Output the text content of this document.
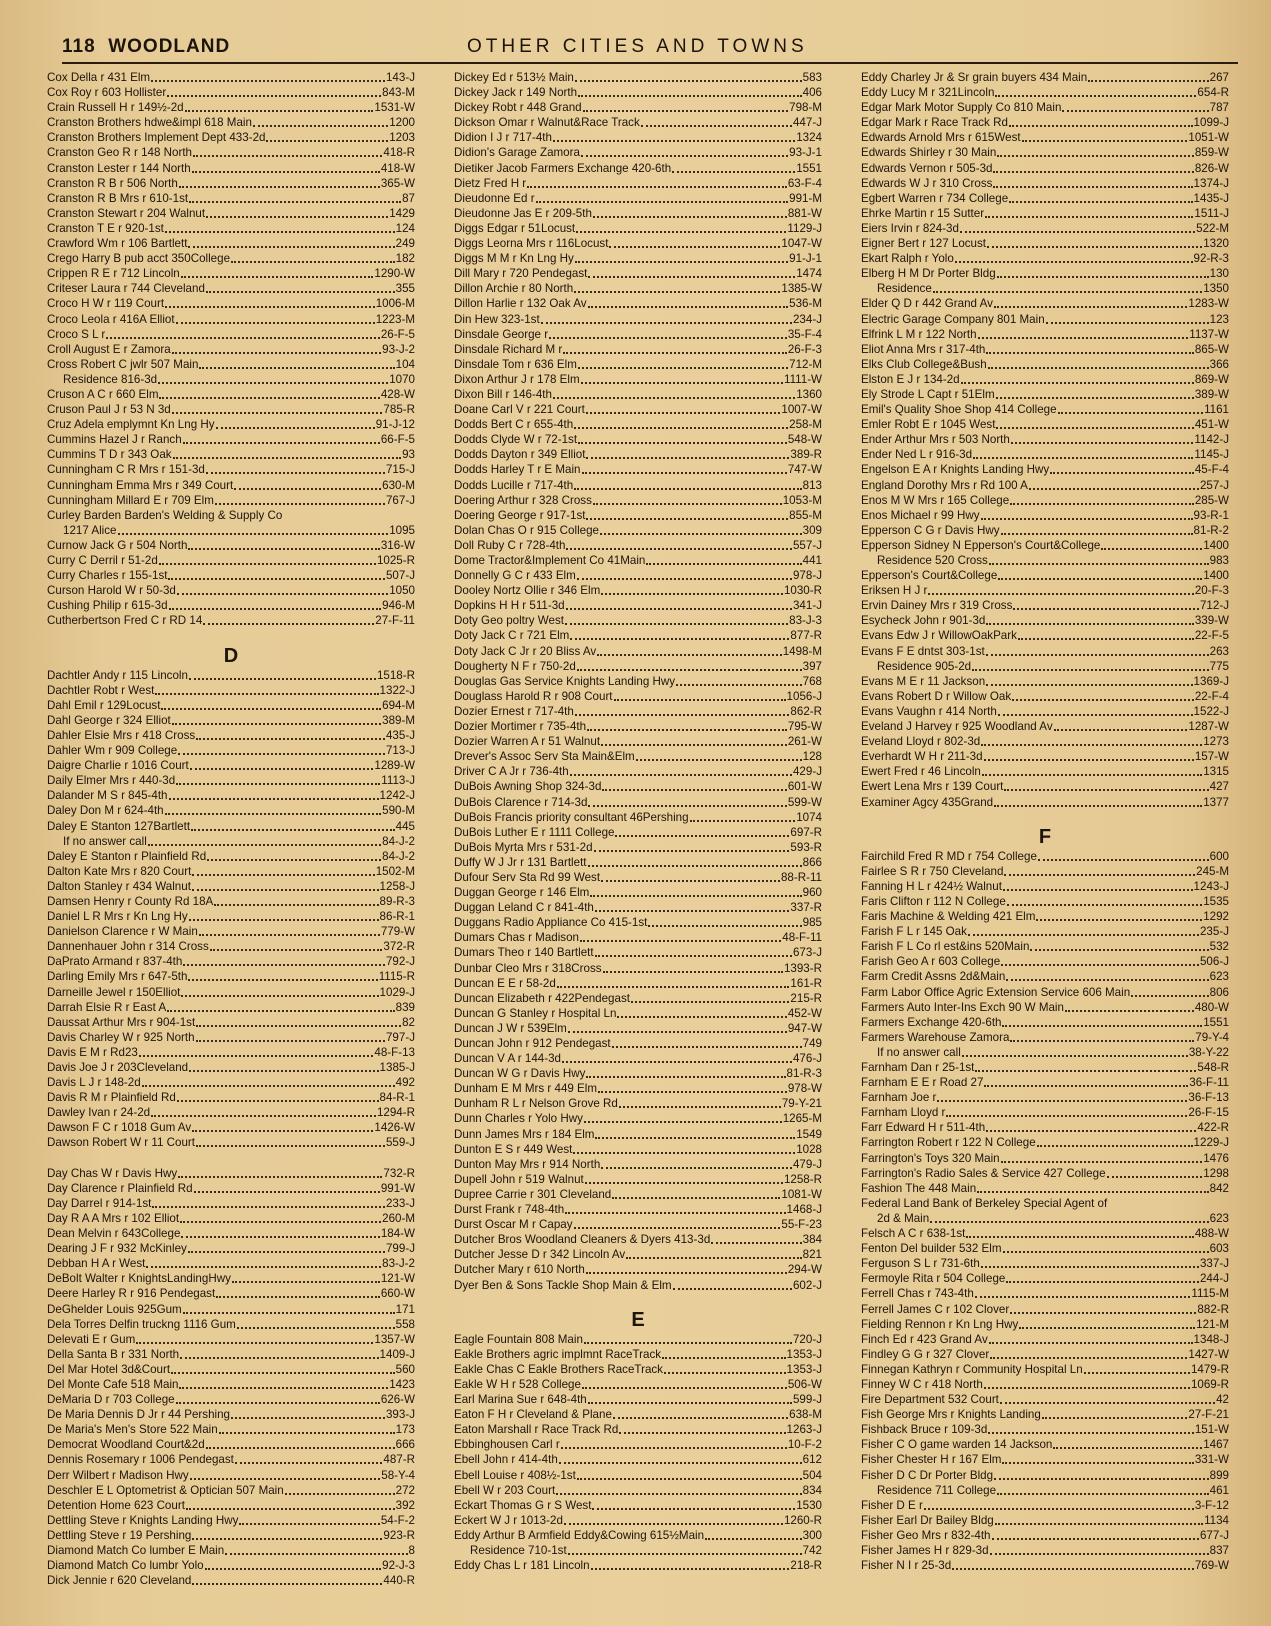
118 WOODLAND	OTHER CITIES AND TOWNS
Cox Della r 431 Elm	143-J
Cox Roy r 603 Hollister	843-M
Crain Russell H r 149½-2d	1531-W
Cranston Brothers hdwe&impl 618 Main	1200
Cranston Brothers Implement Dept 433-2d	1203
Cranston Geo R r 148 North	418-R
Cranston Lester r 144 North	418-W
Cranston R B r 506 North	365-W
Cranston R B Mrs r 610-1st	87
Cranston Stewart r 204 Walnut	1429
Cranston T E r 920-1st	124
Crawford Wm r 106 Bartlett	249
Crego Harry B pub acct 350College	182
Crippen R E r 712 Lincoln	1290-W
Criteser Laura r 744 Cleveland	355
Croco H W r 119 Court	1006-M
Croco Leola r 416A Elliot	1223-M
Croco S L r	26-F-5
Croll August E r Zamora	93-J-2
Cross Robert C jwlr 507 Main	104
Residence 816-3d	1070
Cruson A C r 660 Elm	428-W
Cruson Paul J r 53 N 3d	785-R
Cruz Adela emplymnt Kn Lng Hy	91-J-12
Cummins Hazel J r Ranch	66-F-5
Cummins T D r 343 Oak	93
Cunningham C R Mrs r 151-3d	715-J
Cunningham Emma Mrs r 349 Court	630-M
Cunningham Millard E r 709 Elm	767-J
Curley Barden Barden's Welding & Supply Co
1217 Alice	1095
Curnow Jack G r 504 North	316-W
Curry C Derril r 51-2d	1025-R
Curry Charles r 155-1st	507-J
Curson Harold W r 50-3d	1050
Cushing Philip r 615-3d	946-M
Cutherbertson Fred C r RD 14	27-F-11
D
Dachtler Andy r 115 Lincoln	1518-R
Dachtler Robt r West	1322-J
Dahl Emil r 129Locust	694-M
Dahl George r 324 Elliot	389-M
Dahler Elsie Mrs r 418 Cross	435-J
Dahler Wm r 909 College	713-J
Daigre Charlie r 1016 Court	1289-W
Daily Elmer Mrs r 440-3d	1113-J
Dalander M S r 845-4th	1242-J
Daley Don M r 624-4th	590-M
Daley E Stanton 127Bartlett	445
If no answer call	84-J-2
Daley E Stanton r Plainfield Rd	84-J-2
Dalton Kate Mrs r 820 Court	1502-M
Dalton Stanley r 434 Walnut	1258-J
Damsen Henry r County Rd 18A	89-R-3
Daniel L R Mrs r Kn Lng Hy	86-R-1
Danielson Clarence r W Main	779-W
Dannenhauer John r 314 Cross	372-R
DaPrato Armand r 837-4th	792-J
Darling Emily Mrs r 647-5th	1115-R
Darneille Jewel r 150Elliot	1029-J
Darrah Elsie R r East A	839
Daussat Arthur Mrs r 904-1st	82
Davis Charley W r 925 North	797-J
Davis E M r Rd23	48-F-13
Davis Joe J r 203Cleveland	1385-J
Davis L J r 148-2d	492
Davis R M r Plainfield Rd	84-R-1
Dawley Ivan r 24-2d	1294-R
Dawson F C r 1018 Gum Av	1426-W
Dawson Robert W r 11 Court	559-J
Day Chas W r Davis Hwy	732-R
Day Clarence r Plainfield Rd	991-W
Day Darrel r 914-1st	233-J
Day R A A Mrs r 102 Elliot	260-M
Dean Melvin r 643College	184-W
Dearing J F r 932 McKinley	799-J
Debban H A r West	83-J-2
DeBolt Walter r KnightsLandingHwy	121-W
Deere Harley R r 916 Pendegast	660-W
DeGhelder Louis 925Gum	171
Dela Torres Delfin truckng 1116 Gum	558
Delevati E r Gum	1357-W
Della Santa B r 331 North	1409-J
Del Mar Hotel 3d&Court	560
Del Monte Cafe 518 Main	1423
DeMaria D r 703 College	626-W
De Maria Dennis D Jr r 44 Pershing	393-J
De Maria's Men's Store 522 Main	173
Democrat Woodland Court&2d	666
Dennis Rosemary r 1006 Pendegast	487-R
Derr Wilbert r Madison Hwy	58-Y-4
Deschler E L Optometrist & Optician 507 Main	272
Detention Home 623 Court	392
Dettling Steve r Knights Landing Hwy	54-F-2
Dettling Steve r 19 Pershing	923-R
Diamond Match Co lumber E Main	8
Diamond Match Co lumbr Yolo	92-J-3
Dick Jennie r 620 Cleveland	440-R
Dickey Ed r 513½ Main	583
Dickey Jack r 149 North	406
Dickey Robt r 448 Grand	798-M
Dickson Omar r Walnut&Race Track	447-J
Didion I J r 717-4th	1324
Didion's Garage Zamora	93-J-1
Dietiker Jacob Farmers Exchange 420-6th	1551
Dietz Fred H r	63-F-4
Dieudonne Ed r	991-M
Dieudonne Jas E r 209-5th	881-W
Diggs Edgar r 51Locust	1129-J
Diggs Leorna Mrs r 116Locust	1047-W
Diggs M M r Kn Lng Hy	91-J-1
Dill Mary r 720 Pendegast	1474
Dillon Archie r 80 North	1385-W
Dillon Harlie r 132 Oak Av	536-M
Din Hew 323-1st	234-J
Dinsdale George r	35-F-4
Dinsdale Richard M r	26-F-3
Dinsdale Tom r 636 Elm	712-M
Dixon Arthur J r 178 Elm	1111-W
Dixon Bill r 146-4th	1360
Doane Carl V r 221 Court	1007-W
Dodds Bert C r 655-4th	258-M
Dodds Clyde W r 72-1st	548-W
Dodds Dayton r 349 Elliot	389-R
Dodds Harley T r E Main	747-W
Dodds Lucille r 717-4th	813
Doering Arthur r 328 Cross	1053-M
Doering George r 917-1st	855-M
Dolan Chas O r 915 College	309
Doll Ruby C r 728-4th	557-J
Dome Tractor&Implement Co 41Main	441
Donnelly G C r 433 Elm	978-J
Dooley Nortz Ollie r 346 Elm	1030-R
Dopkins H H r 511-3d	341-J
Doty Geo poltry West	83-J-3
Doty Jack C r 721 Elm	877-R
Doty Jack C Jr r 20 Bliss Av	1498-M
Dougherty N F r 750-2d	397
Douglas Gas Service Knights Landing Hwy	768
Douglass Harold R r 908 Court	1056-J
Dozier Ernest r 717-4th	862-R
Dozier Mortimer r 735-4th	795-W
Dozier Warren A r 51 Walnut	261-W
Drever's Assoc Serv Sta Main&Elm	128
Driver C A Jr r 736-4th	429-J
DuBois Awning Shop 324-3d	601-W
DuBois Clarence r 714-3d	599-W
DuBois Francis priority consultant 46Pershing	1074
DuBois Luther E r 1111 College	697-R
DuBois Myrta Mrs r 531-2d	593-R
Duffy W J Jr r 131 Bartlett	866
Dufour Serv Sta Rd 99 West	88-R-11
Duggan George r 146 Elm	960
Duggan Leland C r 841-4th	337-R
Duggans Radio Appliance Co 415-1st	985
Dumars Chas r Madison	48-F-11
Dumars Theo r 140 Bartlett	673-J
Dunbar Cleo Mrs r 318Cross	1393-R
Duncan E E r 58-2d	161-R
Duncan Elizabeth r 422Pendegast	215-R
Duncan G Stanley r Hospital Ln	452-W
Duncan J W r 539Elm	947-W
Duncan John r 912 Pendegast	749
Duncan V A r 144-3d	476-J
Duncan W G r Davis Hwy	81-R-3
Dunham E M Mrs r 449 Elm	978-W
Dunham R L r Nelson Grove Rd	79-Y-21
Dunn Charles r Yolo Hwy	1265-M
Dunn James Mrs r 184 Elm	1549
Dunton E S r 449 West	1028
Dunton May Mrs r 914 North	479-J
Dupell John r 519 Walnut	1258-R
Dupree Carrie r 301 Cleveland	1081-W
Durst Frank r 748-4th	1468-J
Durst Oscar M r Capay	55-F-23
Dutcher Bros Woodland Cleaners & Dyers 413-3d	384
Dutcher Jesse D r 342 Lincoln Av	821
Dutcher Mary r 610 North	294-W
Dyer Ben & Sons Tackle Shop Main & Elm	602-J
E
Eagle Fountain 808 Main	720-J
Eakle Brothers agric implmnt RaceTrack	1353-J
Eakle Chas C Eakle Brothers RaceTrack	1353-J
Eakle W H r 528 College	506-W
Earl Marina Sue r 648-4th	599-J
Eaton F H r Cleveland & Plane	638-M
Eaton Marshall r Race Track Rd	1263-J
Ebbinghousen Carl r	10-F-2
Ebell John r 414-4th	612
Ebell Louise r 408½-1st	504
Ebell W r 203 Court	834
Eckart Thomas G r S West	1530
Eckert W J r 1013-2d	1260-R
Eddy Arthur B Armfield Eddy&Cowing 615½Main	300
Residence 710-1st	742
Eddy Chas L r 181 Lincoln	218-R
Eddy Charley Jr & Sr grain buyers 434 Main	267
Eddy Lucy M r 321Lincoln	654-R
Edgar Mark Motor Supply Co 810 Main	787
Edgar Mark r Race Track Rd	1099-J
Edwards Arnold Mrs r 615West	1051-W
Edwards Shirley r 30 Main	859-W
Edwards Vernon r 505-3d	826-W
Edwards W J r 310 Cross	1374-J
Egbert Warren r 734 College	1435-J
Ehrke Martin r 15 Sutter	1511-J
Eiers Irvin r 824-3d	522-M
Eigner Bert r 127 Locust	1320
Ekart Ralph r Yolo	92-R-3
Elberg H M Dr Porter Bldg	130
Residence	1350
Elder Q D r 442 Grand Av	1283-W
Electric Garage Company 801 Main	123
Elfrink L M r 122 North	1137-W
Eliot Anna Mrs r 317-4th	865-W
Elks Club College&Bush	366
Elston E J r 134-2d	869-W
Ely Strode L Capt r 51Elm	389-W
Emil's Quality Shoe Shop 414 College	1161
Emler Robt E r 1045 West	451-W
Ender Arthur Mrs r 503 North	1142-J
Ender Ned L r 916-3d	1145-J
Engelson E A r Knights Landing Hwy	45-F-4
England Dorothy Mrs r Rd 100 A	257-J
Enos M W Mrs r 165 College	285-W
Enos Michael r 99 Hwy	93-R-1
Epperson C G r Davis Hwy	81-R-2
Epperson Sidney N Epperson's Court&College	1400
Residence 520 Cross	983
Epperson's Court&College	1400
Eriksen H J r	20-F-3
Ervin Dainey Mrs r 319 Cross	712-J
Esycheck John r 901-3d	339-W
Evans Edw J r WillowOakPark	22-F-5
Evans F E dntst 303-1st	263
Residence 905-2d	775
Evans M E r 11 Jackson	1369-J
Evans Robert D r Willow Oak	22-F-4
Evans Vaughn r 414 North	1522-J
Eveland J Harvey r 925 Woodland Av	1287-W
Eveland Lloyd r 802-3d	1273
Everhardt W H r 211-3d	157-W
Ewert Fred r 46 Lincoln	1315
Ewert Lena Mrs r 139 Court	427
Examiner Agcy 435Grand	1377
F
Fairchild Fred R MD r 754 College	600
Fairlee S R r 750 Cleveland	245-M
Fanning H L r 424½ Walnut	1243-J
Faris Clifton r 112 N College	1535
Faris Machine & Welding 421 Elm	1292
Farish F L r 145 Oak	235-J
Farish F L Co rl est&ins 520Main	532
Farish Geo A r 603 College	506-J
Farm Credit Assns 2d&Main	623
Farm Labor Office Agric Extension Service 606 Main	806
Farmers Auto Inter-Ins Exch 90 W Main	480-W
Farmers Exchange 420-6th	1551
Farmers Warehouse Zamora	79-Y-4
If no answer call	38-Y-22
Farnham Dan r 25-1st	548-R
Farnham E E r Road 27	36-F-11
Farnham Joe r	36-F-13
Farnham Lloyd r	26-F-15
Farr Edward H r 511-4th	422-R
Farrington Robert r 122 N College	1229-J
Farrington's Toys 320 Main	1476
Farrington's Radio Sales & Service 427 College	1298
Fashion The 448 Main	842
Federal Land Bank of Berkeley Special Agent of
2d & Main	623
Felsch A C r 638-1st	488-W
Fenton Del builder 532 Elm	603
Ferguson S L r 731-6th	337-J
Fermoyle Rita r 504 College	244-J
Ferrell Chas r 743-4th	1115-M
Ferrell James C r 102 Clover	882-R
Fielding Rennon r Kn Lng Hwy	121-M
Finch Ed r 423 Grand Av	1348-J
Findley G G r 327 Clover	1427-W
Finnegan Kathryn r Community Hospital Ln	1479-R
Finney W C r 418 North	1069-R
Fire Department 532 Court	42
Fish George Mrs r Knights Landing	27-F-21
Fishback Bruce r 109-3d	151-W
Fisher C O game warden 14 Jackson	1467
Fisher Chester H r 167 Elm	331-W
Fisher D C Dr Porter Bldg	899
Residence 711 College	461
Fisher D E r	3-F-12
Fisher Earl Dr Bailey Bldg	1134
Fisher Geo Mrs r 832-4th	677-J
Fisher James H r 829-3d	837
Fisher N I r 25-3d	769-W
